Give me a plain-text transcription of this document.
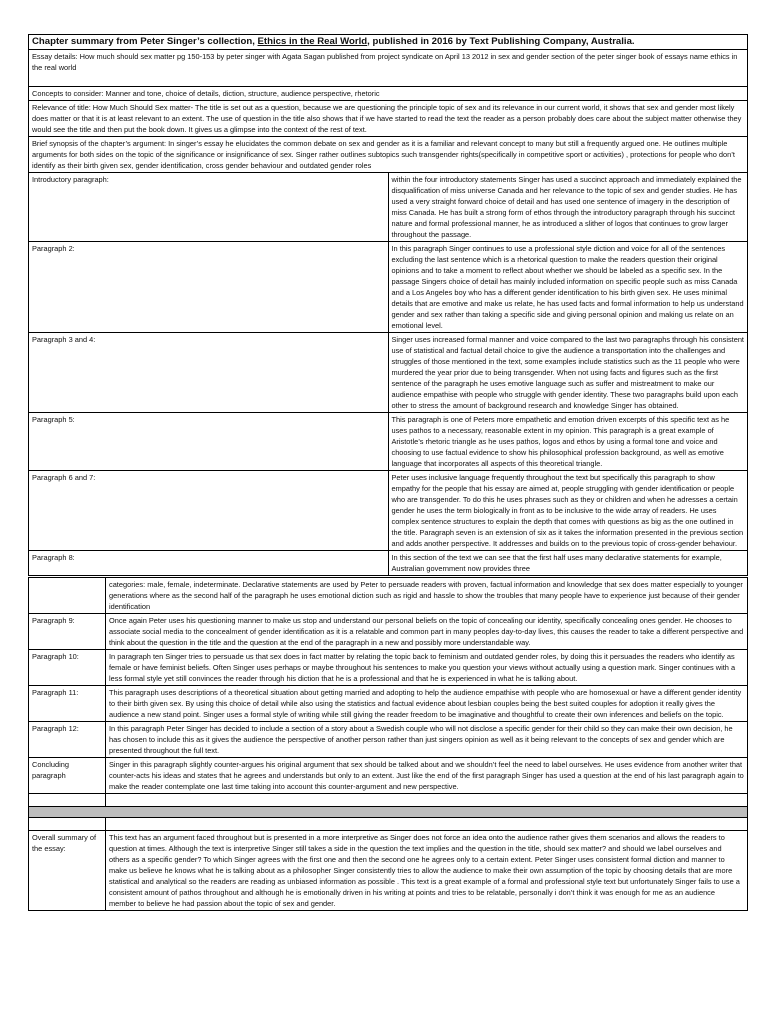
Chapter summary from Peter Singer’s collection, Ethics in the Real World, published in 2016 by Text Publishing Company, Australia.	
Essay details: How much should sex matter pg 150-153 by peter singer with Agata Sagan published from project syndicate on April 13 2012 in sex and gender section of the peter singer book of essays name ethics in the real world	
Concepts to consider: Manner and tone, choice of details, diction, structure, audience perspective, rhetoric	
Relevance of title: How Much Should Sex matter- The title is set out as a question, because we are questioning the principle topic of sex and its relevance in our current world, it shows that sex and gender most likely does matter or that it is at least relevant to an extent. The use of question in the title also shows that if we have started to read the text the reader as a person probably does care about the subject matter otherwise they would see the title and then put the book down. It gives us a glimpse into the context of the rest of text.	
Brief synopsis of the chapter’s argument: In singer’s essay he elucidates the common debate on sex and gender as it is a familiar and relevant concept to many but still a frequently argued one. He outlines multiple arguments for both sides on the topic of the significance or insignificance of sex. Singer rather outlines subtopics such transgender rights(specifically in competitive sport or activities) , protections for people who don’t identify as their birth given sex, gender identification, cross gender behaviour and outdated gender roles	
Introductory paragraph:	within the four introductory statements Singer has used a succinct approach and immediately explained the disqualification of miss universe Canada and her relevance to the topic of sex and gender studies. He has used a very straight forward choice of detail and has used one sentence of imagery in the description of miss Canada. He has built a strong form of ethos through the introductory paragraph through his succinct nature and formal professional manner, he as introduced a slither of logos that continues to grow larger throughout the passage.
Paragraph 2:	In this paragraph Singer continues to use a professional style diction and voice for all of the sentences excluding the last sentence which is a rhetorical question to make the readers question their original opinions and to take a moment to reflect about whether we should be labeled as a specific sex. In the passage Singers choice of detail has mainly included information on specific people such as miss Canada and a Los Angeles boy who has a different gender identification to his birth given sex. He uses minimal details that are emotive and make us relate, he has used facts and formal information to help us understand gender and sex rather than taking a specific side and giving personal opinion and making us relate on an emotional level.
Paragraph 3 and 4:	Singer uses increased formal manner and voice compared to the last two paragraphs through his consistent use of statistical and factual detail choice to give the audience a transportation into the challenges and struggles of those mentioned in the text, some examples include statistics such as the 11 people who were murdered the year prior due to being transgender. When not using facts and figures such as the first sentence of the paragraph he uses emotive language such as suffer and mistreatment to make our audience empathise with people who struggle with gender identity. These two paragraphs build upon each other to stress the amount of background research and knowledge Singer has obtained.
Paragraph 5:	This paragraph is one of Peters more empathetic and emotion driven excerpts of this specific text as he uses pathos to a necessary, reasonable extent in my opinion. This paragraph is a great example of Aristotle’s rhetoric triangle as he uses pathos, logos and ethos by using a formal tone and voice and choosing to use factual evidence to show his philosophical profession background, as well as emotive language that incorporates all aspects of this theoretical triangle.
Paragraph 6 and 7:	Peter uses inclusive language frequently throughout the text but specifically this paragraph to show empathy for the people that his essay are aimed at, people struggling with gender identification or people who are transgender. To do this he uses phrases such as they or children and when he adresses a certain gender he uses the term biologically in front as to be inclusive to the wide array of readers. He uses complex sentence structures to explain the depth that comes with questions as big as the one outlined in the title. Paragraph seven is an extension of six as it takes the information presented in the previous section and adds another perspective. It addresses and builds on to the previous topic of cross-gender behaviour.
Paragraph 8:	In this section of the text we can see that the first half uses many declarative statements for example, Australian government now provides three
	categories: male, female, indeterminate. Declarative statements are used by Peter to persuade readers with proven, factual information and knowledge that sex does matter especially to younger generations where as the second half of the paragraph he uses emotional diction such as rigid and hassle to show the troubles that many people have to experience just because of their gender identification
Paragraph 9:	Once again Peter uses his questioning manner to make us stop and understand our personal beliefs on the topic of concealing our identity, specifically concealing ones gender. He chooses to associate social media to the concealment of gender identification as it is a relatable and common part in many peoples day-to-day lives, this causes the reader to take a different perspective and think about the question in the title and the question at the end of the paragraph in a new and possibly more understandable way.
Paragraph 10:	In paragraph ten Singer tries to persuade us that sex does in fact matter by relating the topic back to feminism and outdated gender roles, by doing this it persuades the readers who identify as female or have feminist beliefs. Often Singer uses perhaps or maybe throughout his sentences to make you question your views without actually using a question mark. Singer continues with a less formal style yet still convinces the reader through his diction that he is a professional and that he is experienced in what he is talking about.
Paragraph 11:	This paragraph uses descriptions of a theoretical situation about getting married and adopting to help the audience empathise with people who are homosexual or have a different gender identity to their birth given sex. By using this choice of detail while also using the statistics and factual evidence about lesbian couples being the best suited couples for adoption it really gives the audience a new stand point. Singer uses a formal style of writing while still giving the reader freedom to be imaginative and thoughtful to create their own inferences and beliefs on the topic.
Paragraph 12:	In this paragraph Peter Singer has decided to include a section of a story about a Swedish couple who will not disclose a specific gender for their child so they can make their own decision, he has chosen to include this as it gives the audience the perspective of another person rather than just singers opinion as well as it being relevant to the concepts of sex and gender which are presented throughout the full text.
Concluding paragraph	Singer in this paragraph slightly counter-argues his original argument that sex should be talked about and we shouldn’t feel the need to label ourselves. He uses evidence from another writer that counter-acts his ideas and states that he agrees and understands but only to an extent. Just like the end of the first paragraph Singer has used a question at the end of his last paragraph again to make the reader contemplate one last time taking into account this counter-argument and new perspective.

Overall summary of the essay:	This text has an argument faced throughout but is presented in a more interpretive as Singer does not force an idea onto the audience rather gives them scenarios and allows the readers to question at times. Although the text is interpretive Singer still takes a side in the question the text implies and the question in the title, should sex matter? and should we label ourselves and others as a specific gender? To which Singer agrees with the first one and then the second one he agrees only to a certain extent. Peter Singer uses consistent formal diction and manner to make us believe he knows what he is talking about as a philosopher Singer consistently tries to allow the audience to make their own assumption of the topic by choosing details that are more statistical and analytical so the readers are reading as unbiased information as possible . This text is a great example of a formal and professional style text but unfortunately Singer fails to use a consistent amount of pathos throughout and although he is emotionally driven in his writing at points and tries to be relatable, personally i don’t think it was enough for me as an audience member to believe he had passion about the topic of sex and gender.
